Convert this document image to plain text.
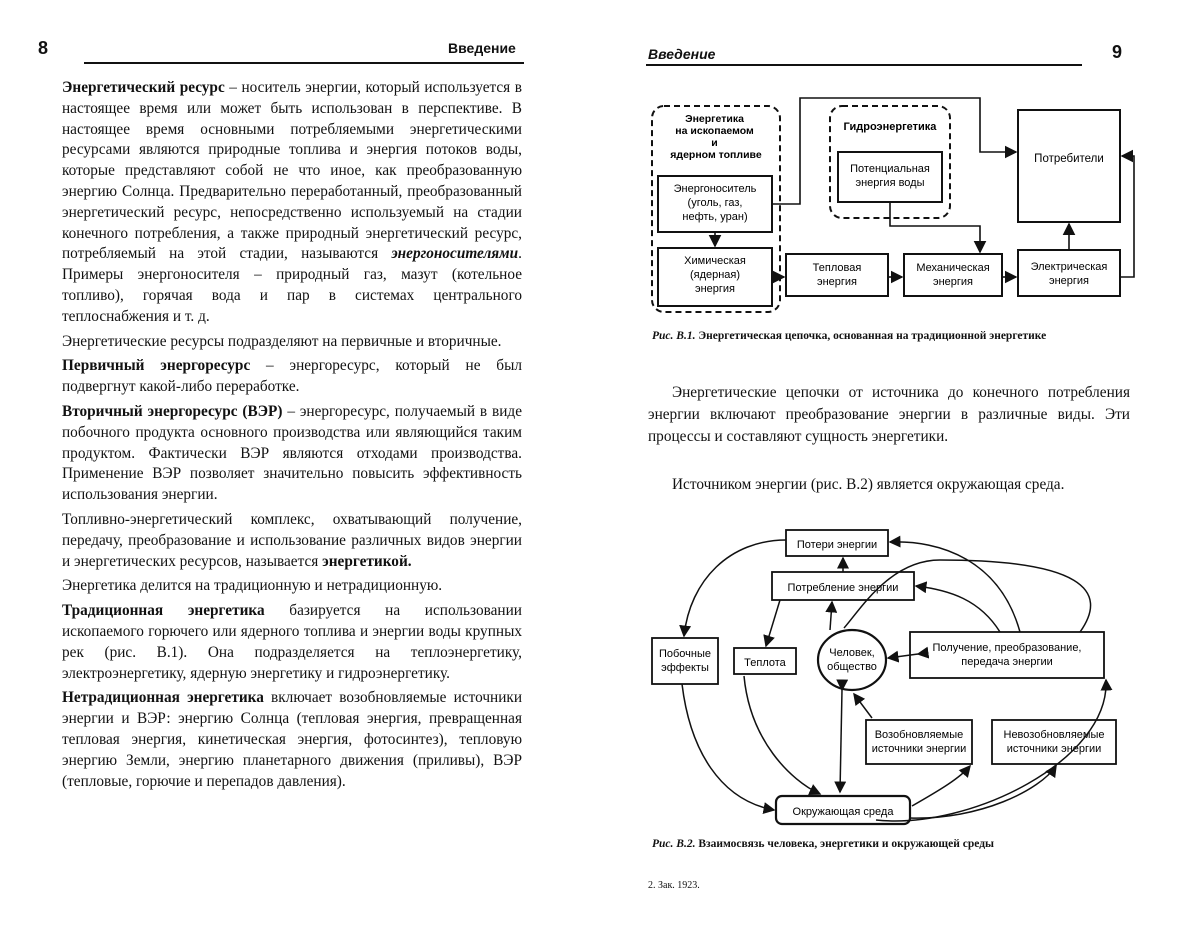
8	Введение

Энергетический ресурс – носитель энергии, который используется в настоящее время или может быть использован в перспективе. В настоящее время основными потребляемыми энергетическими ресурсами являются природные топлива и энергия потоков воды, которые представляют собой не что иное, как преобразованную энергию Солнца. Предварительно переработанный, преобразованный энергетический ресурс, непосредственно используемый на стадии конечного потребления, а также природный энергетический ресурс, потребляемый на этой стадии, называются энергоносителями. Примеры энергоносителя – природный газ, мазут (котельное топливо), горячая вода и пар в системах центрального теплоснабжения и т. д.

Энергетические ресурсы подразделяют на первичные и вторичные.

Первичный энергоресурс – энергоресурс, который не был подвергнут какой-либо переработке.

Вторичный энергоресурс (ВЭР) – энергоресурс, получаемый в виде побочного продукта основного производства или являющийся таким продуктом. Фактически ВЭР являются отходами производства. Применение ВЭР позволяет значительно повысить эффективность использования энергии.

Топливно-энергетический комплекс, охватывающий получение, передачу, преобразование и использование различных видов энергии и энергетических ресурсов, называется энергетикой.

Энергетика делится на традиционную и нетрадиционную.

Традиционная энергетика базируется на использовании ископаемого горючего или ядерного топлива и энергии воды крупных рек (рис. В.1). Она подразделяется на теплоэнергетику, электроэнергетику, ядерную энергетику и гидроэнергетику.

Нетрадиционная энергетика включает возобновляемые источники энергии и ВЭР: энергию Солнца (тепловая энергия, превращенная тепловая энергия, кинетическая энергия, фотосинтез), тепловую энергию Земли, энергию планетарного движения (приливы), ВЭР (тепловые, горючие и перепадов давления).

Введение	9
Энергетика на ископаемом и ядерном топливе
Гидроэнергетика
Энергоноситель (уголь, газ, нефть, уран)
Химическая (ядерная) энергия
Потенциальная энергия воды
Тепловая энергия
Механическая энергия
Электрическая энергия
Потребители
Рис. В.1. Энергетическая цепочка, основанная на традиционной энергетике

Энергетические цепочки от источника до конечного потребления энергии включают преобразование энергии в различные виды. Эти процессы и составляют сущность энергетики.

Источником энергии (рис. В.2) является окружающая среда.

Потери энергии
Потребление энергии
Побочные эффекты	Теплота
Человек, общество
Получение, преобразование, передача энергии
Возобновляемые источники энергии
Невозобновляемые источники энергии
Окружающая среда
Рис. В.2. Взаимосвязь человека, энергетики и окружающей среды
2. Зак. 1923.
